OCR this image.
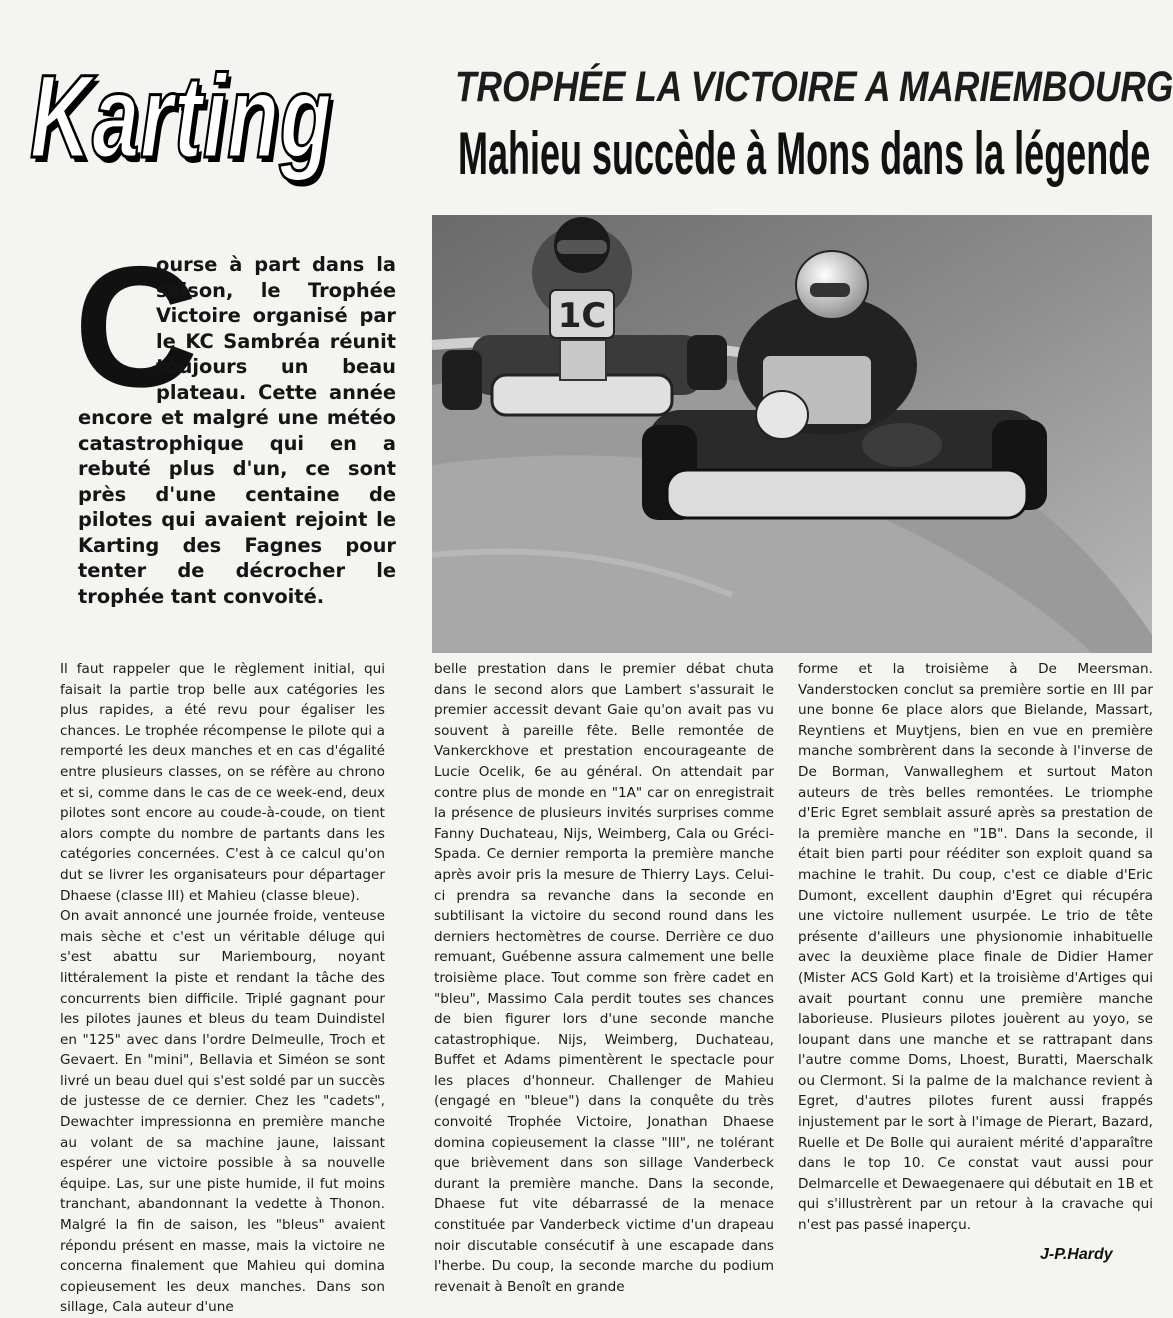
Karting	TROPHÉE LA VICTOIRE A MARIEMBOURG
Mahieu succède à Mons dans la légende
1C
C

ourse à part dans la saison, le Trophée Victoire organisé par le KC Sambréa réunit toujours un beau plateau. Cette année encore et malgré une météo catastrophique qui en a rebuté plus d'un, ce sont près d'une centaine de pilotes qui avaient rejoint le Karting des Fagnes pour tenter de décrocher le trophée tant convoité.

Il faut rappeler que le règlement initial, qui faisait la partie trop belle aux catégories les plus rapides, a été revu pour égaliser les chances. Le trophée récompense le pilote qui a remporté les deux manches et en cas d'égalité entre plusieurs classes, on se réfère au chrono et si, comme dans le cas de ce week-end, deux pilotes sont encore au coude-à-coude, on tient alors compte du nombre de partants dans les catégories concernées. C'est à ce calcul qu'on dut se livrer les organisateurs pour départager Dhaese (classe III) et Mahieu (classe bleue).

On avait annoncé une journée froide, venteuse mais sèche et c'est un véritable déluge qui s'est abattu sur Mariembourg, noyant littéralement la piste et rendant la tâche des concurrents bien difficile. Triplé gagnant pour les pilotes jaunes et bleus du team Duindistel en "125" avec dans l'ordre Delmeulle, Troch et Gevaert. En "mini", Bellavia et Siméon se sont livré un beau duel qui s'est soldé par un succès de justesse de ce dernier. Chez les "cadets", Dewachter impressionna en première manche au volant de sa machine jaune, laissant espérer une victoire possible à sa nouvelle équipe. Las, sur une piste humide, il fut moins tranchant, abandonnant la vedette à Thonon. Malgré la fin de saison, les "bleus" avaient répondu présent en masse, mais la victoire ne concerna finalement que Mahieu qui domina copieusement les deux manches. Dans son sillage, Cala auteur d'une

belle prestation dans le premier débat chuta dans le second alors que Lambert s'assurait le premier accessit devant Gaie qu'on avait pas vu souvent à pareille fête. Belle remontée de Vankerckhove et prestation encourageante de Lucie Ocelik, 6e au général. On attendait par contre plus de monde en "1A" car on enregistrait la présence de plusieurs invités surprises comme Fanny Duchateau, Nijs, Weimberg, Cala ou Gréci-Spada. Ce dernier remporta la première manche après avoir pris la mesure de Thierry Lays. Celui-ci prendra sa revanche dans la seconde en subtilisant la victoire du second round dans les derniers hectomètres de course. Derrière ce duo remuant, Guébenne assura calmement une belle troisième place. Tout comme son frère cadet en "bleu", Massimo Cala perdit toutes ses chances de bien figurer lors d'une seconde manche catastrophique. Nijs, Weimberg, Duchateau, Buffet et Adams pimentèrent le spectacle pour les places d'honneur. Challenger de Mahieu (engagé en "bleue") dans la conquête du très convoité Trophée Victoire, Jonathan Dhaese domina copieusement la classe "III", ne tolérant que brièvement dans son sillage Vanderbeck durant la première manche. Dans la seconde, Dhaese fut vite débarrassé de la menace constituée par Vanderbeck victime d'un drapeau noir discutable consécutif à une escapade dans l'herbe. Du coup, la seconde marche du podium revenait à Benoît en grande

forme et la troisième à De Meersman. Vanderstocken conclut sa première sortie en III par une bonne 6e place alors que Bielande, Massart, Reyntiens et Muytjens, bien en vue en première manche sombrèrent dans la seconde à l'inverse de De Borman, Vanwalleghem et surtout Maton auteurs de très belles remontées. Le triomphe d'Eric Egret semblait assuré après sa prestation de la première manche en "1B". Dans la seconde, il était bien parti pour rééditer son exploit quand sa machine le trahit. Du coup, c'est ce diable d'Eric Dumont, excellent dauphin d'Egret qui récupéra une victoire nullement usurpée. Le trio de tête présente d'ailleurs une physionomie inhabituelle avec la deuxième place finale de Didier Hamer (Mister ACS Gold Kart) et la troisième d'Artiges qui avait pourtant connu une première manche laborieuse. Plusieurs pilotes jouèrent au yoyo, se loupant dans une manche et se rattrapant dans l'autre comme Doms, Lhoest, Buratti, Maerschalk ou Clermont. Si la palme de la malchance revient à Egret, d'autres pilotes furent aussi frappés injustement par le sort à l'image de Pierart, Bazard, Ruelle et De Bolle qui auraient mérité d'apparaître dans le top 10. Ce constat vaut aussi pour Delmarcelle et Dewaegenaere qui débutait en 1B et qui s'illustrèrent par un retour à la cravache qui n'est pas passé inaperçu.

J-P.Hardy
